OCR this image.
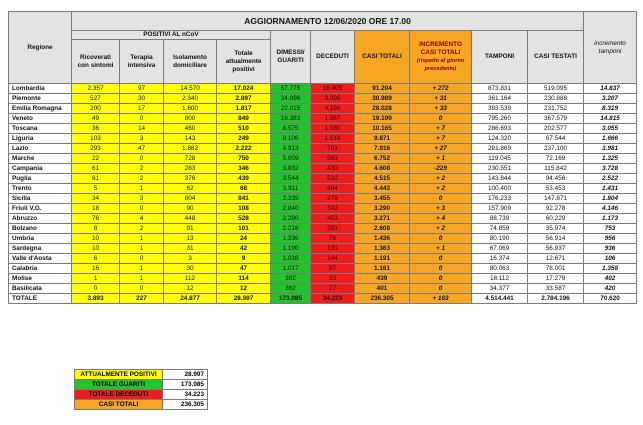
Regione	AGGIORNAMENTO 12/06/2020 ORE 17.00										incremento tamponi
	POSITIVI AL nCoV				DIMESSI/ GUARITI	DECEDUTI	CASI TOTALI	INCREMENTO CASI TOTALI
(rispetto al giorno precedente)	TAMPONI	CASI TESTATI	
	Ricoverati con sintomi	Terapia intensiva	Isolamento domiciliare	Totale attualmente positivi							
Lombardia	2.357	97	14.570	17.024	57.775	16.405	91.204	+ 272	873.831	519.095	14.837
Piemonte	527	30	2.340	2.897	24.096	3.996	30.989	+ 31	361.164	230.888	3.207
Emilia Romagna	200	17	1.600	1.817	22.015	4.196	28.028	+ 33	393.539	231.752	8.319
Veneto	49	0	800	849	16.383	1.967	19.199	0	795.260	367.579	14.815
Toscana	36	14	460	510	8.575	1.080	10.165	+ 7	286.693	202.577	3.055
Liguria	103	3	143	249	8.106	1.516	9.871	+ 7	124.320	67.544	1.666
Lazio	293	47	1.882	2.222	4.913	781	7.916	+ 27	291.869	237.100	3.981
Marche	22	0	728	750	5.009	993	6.752	+ 1	119.045	72.169	1.325
Campania	61	2	283	346	3.832	430	4.608	-229	230.551	115.842	3.728
Puglia	61	2	376	439	3.544	532	4.515	+ 2	143.844	94.456	2.522
Trento	5	1	62	68	3.911	464	4.443	+ 2	100.400	53.453	1.431
Sicilia	34	3	804	841	2.335	279	3.455	0	176.233	147.871	1.804
Friuli V.G.	18	0	90	108	2.840	342	3.290	+ 3	157.909	92.278	4.146
Abruzzo	76	4	448	528	2.290	453	3.271	+ 4	88.739	60.229	1.173
Bolzano	8	2	91	101	2.216	291	2.608	+ 2	74.859	35.974	753
Umbria	10	1	13	24	1.336	76	1.436	0	80.190	56.914	956
Sardegna	10	1	31	42	1.190	131	1.363	+ 1	67.069	56.937	936
Valle d'Aosta	6	0	3	9	1.038	144	1.191	0	16.374	12.671	106
Calabria	16	1	30	47	1.017	97	1.161	0	80.063	78.001	1.358
Molise	1	1	112	114	302	23	439	0	18.112	17.279	402
Basilicata	0	0	12	12	362	27	401	0	34.377	33.587	420
TOTALE	3.893	227	24.877	28.997	173.085	34.223	236.305	+ 163	4.514.441	2.784.196	70.620
ATTUALMENTE POSITIVI	28.997
TOTALE GUARITI	173.085
TOTALE DECEDUTI	34.223
CASI TOTALI	236.305
